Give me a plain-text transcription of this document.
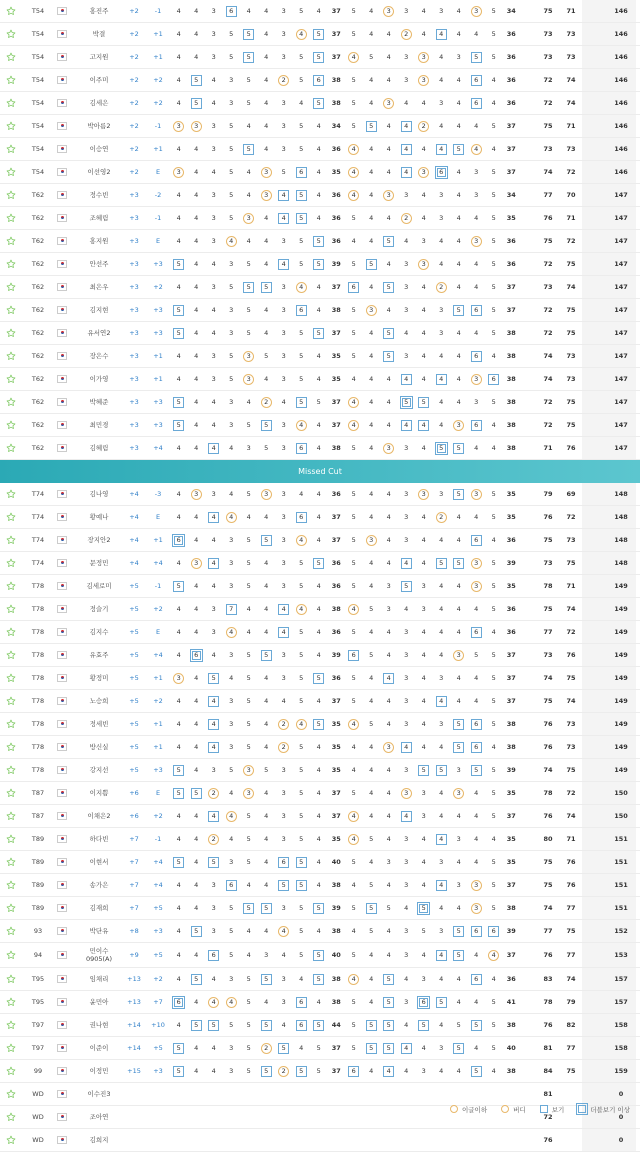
T54	홍진주	+2	-1	4	4	3	6	4	4	3	5	4	37	5	4	3	3	4	3	4	3	5	34	75	71	146
T54	박결	+2	+1	4	4	3	5	5	4	3	4	5	37	5	4	4	2	4	4	4	4	5	36	73	73	146
T54	고지원	+2	+1	4	4	3	5	5	4	3	5	5	37	4	5	4	3	3	4	3	5	5	36	73	73	146
T54	이주미	+2	+2	4	5	4	3	5	4	2	5	6	38	5	4	4	3	3	4	4	6	4	36	72	74	146
T54	김세은	+2	+2	4	5	4	3	5	4	3	4	5	38	5	4	3	4	4	3	4	6	4	36	72	74	146
T54	박아름2	+2	-1	3	3	3	5	4	4	3	5	4	34	5	5	4	4	2	4	4	4	5	37	75	71	146
T54	이승연	+2	+1	4	4	3	5	5	4	3	5	4	36	4	4	4	4	4	4	5	4	4	37	73	73	146
T54	이선영2	+2	E	3	4	4	5	4	3	5	6	4	35	4	4	4	4	3	6	4	3	5	37	74	72	146
T62	정수빈	+3	-2	4	4	3	5	4	3	4	5	4	36	4	4	3	3	4	3	4	3	5	34	77	70	147
T62	조혜림	+3	-1	4	4	3	5	3	4	4	5	4	36	5	4	4	2	4	3	4	4	5	35	76	71	147
T62	홍지원	+3	E	4	4	3	4	4	4	3	5	5	36	4	4	5	4	3	4	4	3	5	36	75	72	147
T62	안선주	+3	+3	5	4	4	3	5	4	4	5	5	39	5	5	4	3	3	4	4	4	5	36	72	75	147
T62	최은우	+3	+2	4	4	3	5	5	5	3	4	4	37	6	4	5	3	4	2	4	4	5	37	73	74	147
T62	김지현	+3	+3	5	4	4	3	5	4	3	6	4	38	5	3	4	3	4	3	5	6	5	37	72	75	147
T62	유서연2	+3	+3	5	4	4	3	5	4	3	5	5	37	5	4	5	4	4	3	4	4	5	38	72	75	147
T62	장은수	+3	+1	4	4	3	5	3	5	3	5	4	35	5	4	5	3	4	4	4	6	4	38	74	73	147
T62	이가영	+3	+1	4	4	3	5	3	4	3	5	4	35	4	4	4	4	4	4	4	3	6	38	74	73	147
T62	박혜준	+3	+3	5	4	4	3	4	2	4	5	5	37	4	4	4	5	5	4	4	3	5	38	72	75	147
T62	최민경	+3	+3	5	4	4	3	5	5	3	4	4	37	4	4	4	4	4	4	3	6	4	38	72	75	147
T62	김혜림	+3	+4	4	4	4	4	3	5	3	6	4	38	5	4	3	3	4	5	5	4	4	38	71	76	147
Missed Cut
T74	김나영	+4	-3	4	3	3	4	5	3	3	4	4	36	5	4	4	3	3	3	5	3	5	35	79	69	148
T74	황예나	+4	E	4	4	4	4	4	4	3	6	4	37	5	4	4	3	4	2	4	4	5	35	76	72	148
T74	장지안2	+4	+1	6	4	4	3	5	5	3	4	4	37	5	3	4	3	4	4	4	6	4	36	75	73	148
T74	문정민	+4	+4	4	3	4	3	5	4	3	5	5	36	5	4	4	4	4	5	5	3	5	39	73	75	148
T78	김세로미	+5	-1	5	4	4	3	5	4	3	5	4	36	5	4	3	5	3	4	4	3	5	35	78	71	149
T78	정슬기	+5	+2	4	4	3	7	4	4	4	4	4	38	4	5	3	4	3	4	4	4	5	36	75	74	149
T78	김지수	+5	E	4	4	3	4	4	4	4	5	4	36	5	4	4	3	4	4	4	6	4	36	77	72	149
T78	유효주	+5	+4	4	6	4	3	5	5	3	5	4	39	6	5	4	3	4	4	3	5	5	37	73	76	149
T78	황정미	+5	+1	3	4	5	4	5	4	3	5	5	36	5	4	4	3	4	3	4	4	5	37	74	75	149
T78	노승희	+5	+2	4	4	4	3	5	4	4	5	4	37	5	4	4	3	4	4	4	4	5	37	75	74	149
T78	정세빈	+5	+1	4	4	4	3	5	4	2	4	5	35	4	5	4	3	4	3	5	6	5	38	76	73	149
T78	방신실	+5	+1	4	4	4	3	5	4	2	5	4	35	4	4	3	4	4	4	5	6	4	38	76	73	149
T78	강지선	+5	+3	5	4	3	5	3	5	3	5	4	35	4	4	4	3	5	5	3	5	5	39	74	75	149
T87	이지쁨	+6	E	5	5	2	4	3	4	3	5	4	37	5	4	4	3	3	4	3	4	5	35	78	72	150
T87	이채은2	+6	+2	4	4	4	4	5	4	3	5	4	37	4	4	4	4	3	4	4	4	5	37	76	74	150
T89	하다빈	+7	-1	4	4	2	4	5	4	3	5	4	35	4	5	4	3	4	4	3	4	4	35	80	71	151
T89	이현서	+7	+4	5	4	5	3	5	4	6	5	4	40	5	4	3	3	4	3	4	4	5	35	75	76	151
T89	송가은	+7	+4	4	4	3	6	4	4	5	5	4	38	4	5	4	3	4	4	3	3	5	37	75	76	151
T89	김재희	+7	+5	4	4	3	5	5	5	3	5	5	39	5	5	5	4	5	4	4	3	5	38	74	77	151
93	박단유	+8	+3	4	5	3	5	4	4	4	5	4	38	4	5	4	3	5	3	5	6	6	39	77	75	152
94	민이수 0905(A)	+9	+5	4	4	6	5	4	3	4	5	5	40	5	4	4	3	4	4	5	4	4	37	76	77	153
T95	임채리	+13	+2	4	5	4	3	5	5	3	4	5	38	4	4	5	4	3	4	4	6	4	36	83	74	157
T95	윤민아	+13	+7	6	4	4	4	5	4	3	6	4	38	5	4	5	3	6	5	4	4	5	41	78	79	157
T97	권나현	+14	+10	4	5	5	5	5	5	4	6	5	44	5	5	5	4	5	4	5	5	5	38	76	82	158
T97	이준이	+14	+5	5	4	4	3	5	2	5	4	5	37	5	5	5	4	4	3	5	4	5	40	81	77	158
99	이정민	+15	+3	5	4	4	3	5	5	2	5	5	37	6	4	4	4	3	4	4	5	4	38	84	75	159
WD	이수진3	81	0
WD	조아연	72	0
WD	김희지	76	0
이글이하	버디	보기	더블보기 이상
